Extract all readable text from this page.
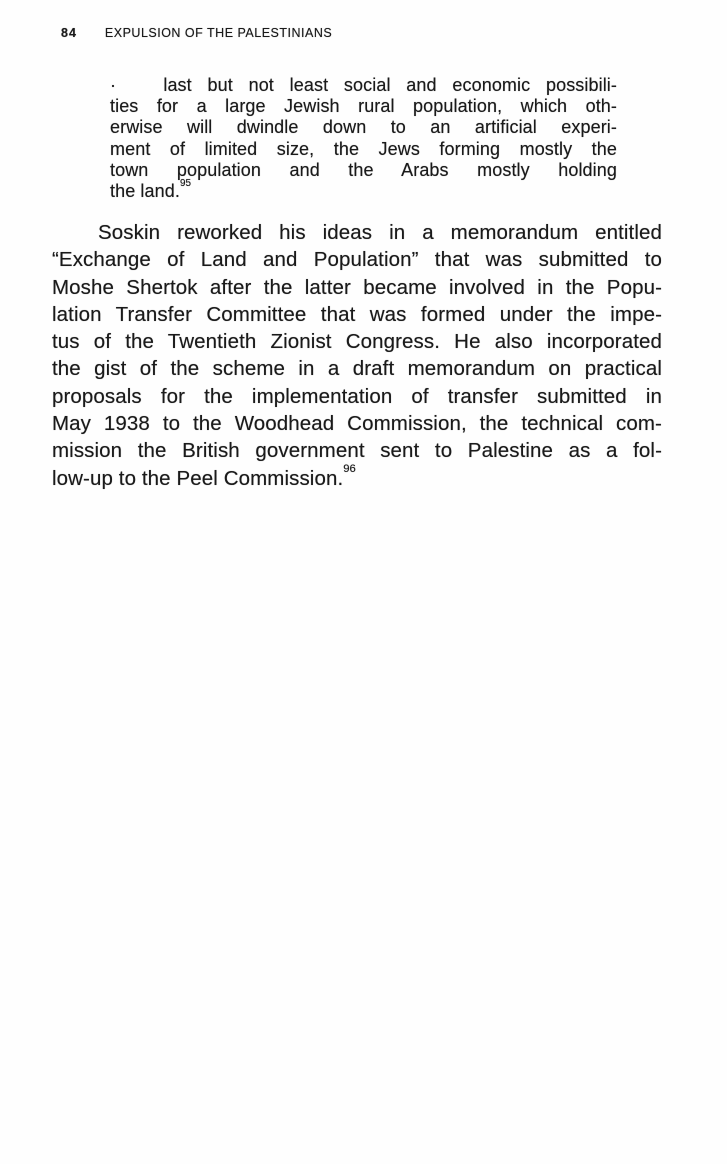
84 EXPULSION OF THE PALESTINIANS
·   last but not least social and economic possibili-
ties for a large Jewish rural population, which oth-
erwise will dwindle down to an artificial experi-
ment of limited size, the Jews forming mostly the
town population and the Arabs mostly holding
the land.$^{95}$
Soskin reworked his ideas in a memorandum entitled
“Exchange of Land and Population” that was submitted to
Moshe Shertok after the latter became involved in the Popu-
lation Transfer Committee that was formed under the impe-
tus of the Twentieth Zionist Congress. He also incorporated
the gist of the scheme in a draft memorandum on practical
proposals for the implementation of transfer submitted in
May 1938 to the Woodhead Commission, the technical com-
mission the British government sent to Palestine as a fol-
low-up to the Peel Commission.$^{96}$
